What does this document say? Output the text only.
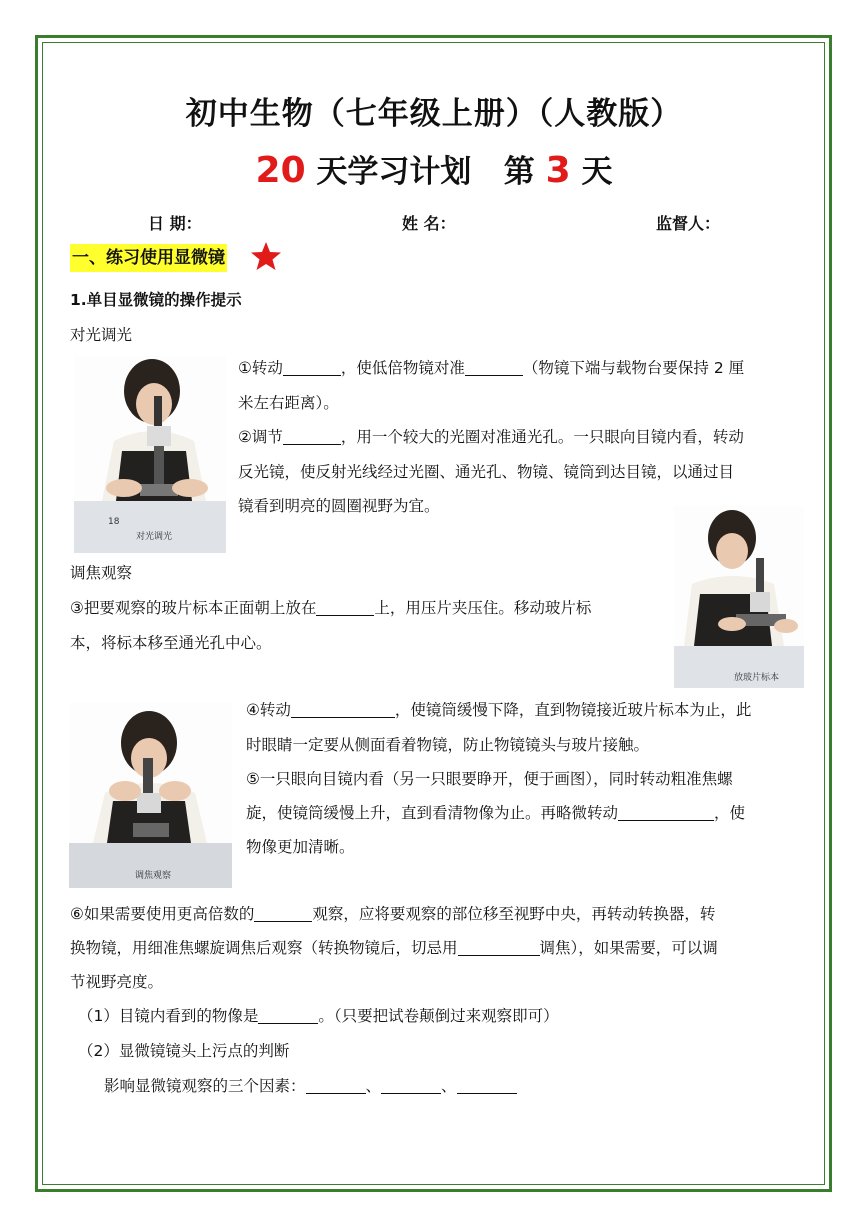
初中生物（七年级上册）（人教版）
20 天学习计划   第 3 天
日 期：	姓 名：	监督人：
一、练习使用显微镜
1.单目显微镜的操作提示
对光调光
18
对光调光
①转动	，使低倍物镜对准	（物镜下端与载物台要保持 2 厘
米左右距离）。
②调节	，用一个较大的光圈对准通光孔。一只眼向目镜内看，转动
反光镜，使反射光线经过光圈、通光孔、物镜、镜筒到达目镜，以通过目
镜看到明亮的圆圈视野为宜。
放玻片标本
调焦观察
③把要观察的玻片标本正面朝上放在	上，用压片夹压住。移动玻片标
本，将标本移至通光孔中心。
调焦观察
④转动	，使镜筒缓慢下降，直到物镜接近玻片标本为止，此
时眼睛一定要从侧面看着物镜，防止物镜镜头与玻片接触。
⑤一只眼向目镜内看（另一只眼要睁开，便于画图），同时转动粗准焦螺
旋，使镜筒缓慢上升，直到看清物像为止。再略微转动	，使
物像更加清晰。
⑥如果需要使用更高倍数的	观察，应将要观察的部位移至视野中央，再转动转换器，转
换物镜，用细准焦螺旋调焦后观察（转换物镜后，切忌用	调焦），如果需要，可以调
节视野亮度。
（1）目镜内看到的物像是	。（只要把试卷颠倒过来观察即可）
（2）显微镜镜头上污点的判断
影响显微镜观察的三个因素：	、	、
